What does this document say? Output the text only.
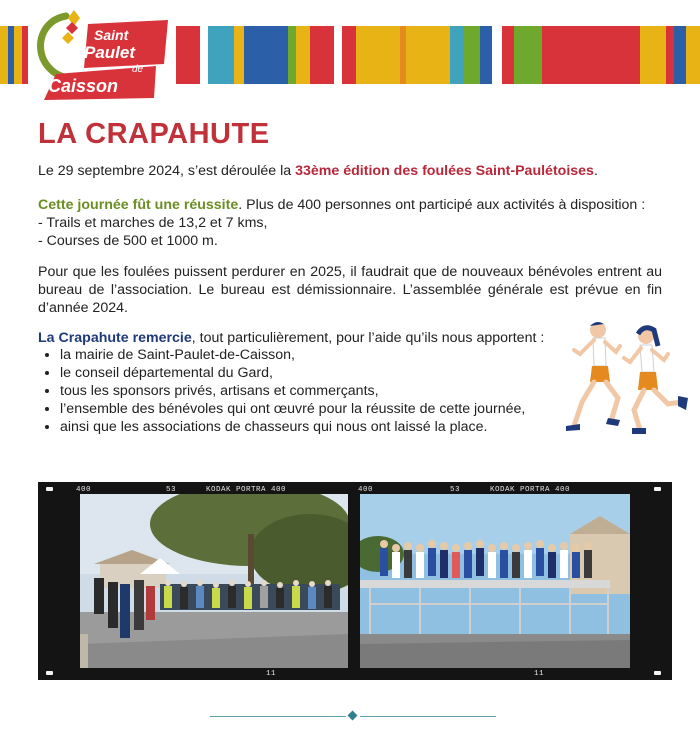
Saint
Paulet
de
Caisson
LA CRAPAHUTE

Le 29 septembre 2024, s’est déroulée la 33ème édition des foulées Saint-Paulétoises.

Cette journée fût une réussite. Plus de 400 personnes ont participé aux activités à disposition :
- Trails et marches de 13,2 et 7 kms,
- Courses de 500 et 1000 m.

Pour que les foulées puissent perdurer en 2025, il faudrait que de nouveaux bénévoles entrent au bureau de l’association. Le bureau est démissionnaire. L’assemblée générale est prévue en fin d’année 2024.

La Crapahute remercie, tout particulièrement, pour l’aide qu’ils nous apportent :

• la mairie de Saint-Paulet-de-Caisson,
• le conseil départemental du Gard,
• tous les sponsors privés, artisans et commerçants,
• l’ensemble des bénévoles qui ont œuvré pour la réussite de cette journée,
• ainsi que les associations de chasseurs qui nous ont laissé la place.
400	53	KODAK PORTRA 400	400	53	KODAK PORTRA 400
11	11
